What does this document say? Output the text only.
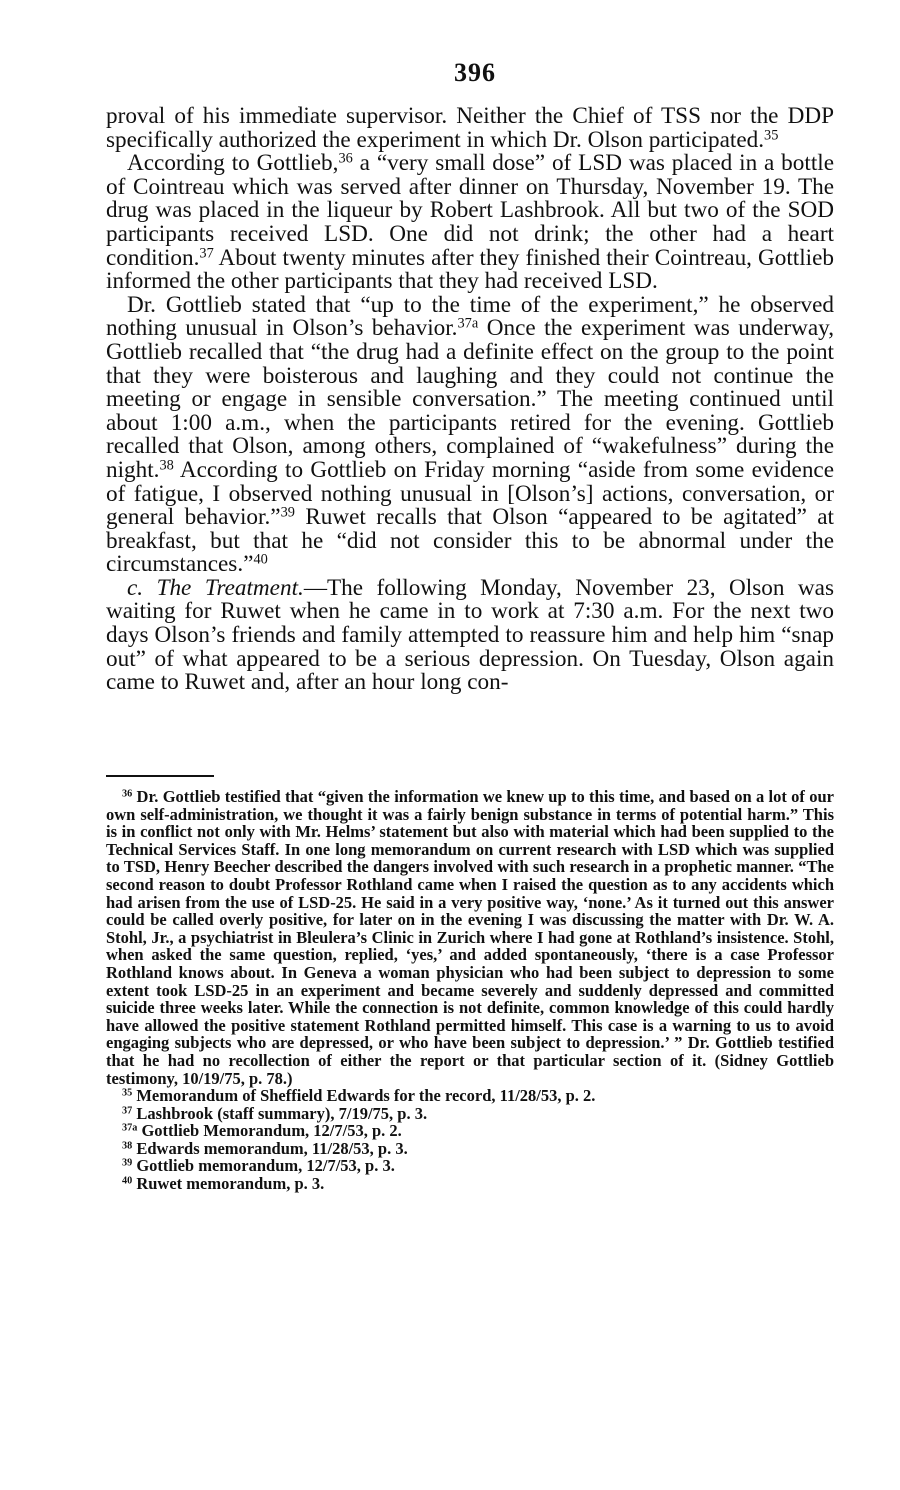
396

proval of his immediate supervisor. Neither the Chief of TSS nor the DDP specifically authorized the experiment in which Dr. Olson participated.$^{35}$

According to Gottlieb,$^{36}$ a “very small dose” of LSD was placed in a bottle of Cointreau which was served after dinner on Thursday, November 19. The drug was placed in the liqueur by Robert Lashbrook. All but two of the SOD participants received LSD. One did not drink; the other had a heart condition.$^{37}$ About twenty minutes after they finished their Cointreau, Gottlieb informed the other participants that they had received LSD.

Dr. Gottlieb stated that “up to the time of the experiment,” he observed nothing unusual in Olson’s behavior.$^{37a}$ Once the experiment was underway, Gottlieb recalled that “the drug had a definite effect on the group to the point that they were boisterous and laughing and they could not continue the meeting or engage in sensible conversation.” The meeting continued until about 1:00 a.m., when the participants retired for the evening. Gottlieb recalled that Olson, among others, complained of “wakefulness” during the night.$^{38}$ According to Gottlieb on Friday morning “aside from some evidence of fatigue, I observed nothing unusual in [Olson’s] actions, conversation, or general behavior.”$^{39}$ Ruwet recalls that Olson “appeared to be agitated” at breakfast, but that he “did not consider this to be abnormal under the circumstances.”$^{40}$

c. The Treatment.—The following Monday, November 23, Olson was waiting for Ruwet when he came in to work at 7:30 a.m. For the next two days Olson’s friends and family attempted to reassure him and help him “snap out” of what appeared to be a serious depression. On Tuesday, Olson again came to Ruwet and, after an hour long con-

$^{36}$ Dr. Gottlieb testified that “given the information we knew up to this time, and based on a lot of our own self-administration, we thought it was a fairly benign substance in terms of potential harm.” This is in conflict not only with Mr. Helms’ statement but also with material which had been supplied to the Technical Services Staff. In one long memorandum on current research with LSD which was supplied to TSD, Henry Beecher described the dangers involved with such research in a prophetic manner. “The second reason to doubt Professor Rothland came when I raised the question as to any accidents which had arisen from the use of LSD-25. He said in a very positive way, ‘none.’ As it turned out this answer could be called overly positive, for later on in the evening I was discussing the matter with Dr. W. A. Stohl, Jr., a psychiatrist in Bleulera’s Clinic in Zurich where I had gone at Rothland’s insistence. Stohl, when asked the same question, replied, ‘yes,’ and added spontaneously, ‘there is a case Professor Rothland knows about. In Geneva a woman physician who had been subject to depression to some extent took LSD-25 in an experiment and became severely and suddenly depressed and committed suicide three weeks later. While the connection is not definite, common knowledge of this could hardly have allowed the positive statement Rothland permitted himself. This case is a warning to us to avoid engaging subjects who are depressed, or who have been subject to depression.’ ” Dr. Gottlieb testified that he had no recollection of either the report or that particular section of it. (Sidney Gottlieb testimony, 10/19/75, p. 78.)

$^{35}$ Memorandum of Sheffield Edwards for the record, 11/28/53, p. 2.

$^{37}$ Lashbrook (staff summary), 7/19/75, p. 3.

$^{37a}$ Gottlieb Memorandum, 12/7/53, p. 2.

$^{38}$ Edwards memorandum, 11/28/53, p. 3.

$^{39}$ Gottlieb memorandum, 12/7/53, p. 3.

$^{40}$ Ruwet memorandum, p. 3.
